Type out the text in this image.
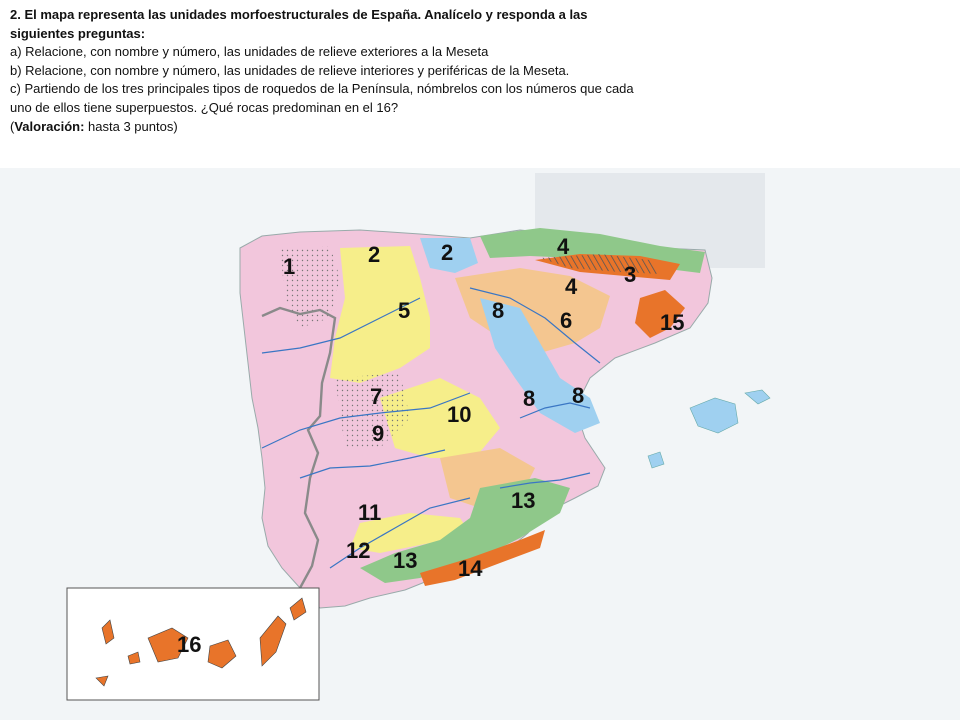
2. El mapa representa las unidades morfoestructurales de España. Analícelo y responda a las siguientes preguntas:

a) Relacione, con nombre y número, las unidades de relieve exteriores a la Meseta

b) Relacione, con nombre y número, las unidades de relieve interiores y periféricas de la Meseta.

c) Partiendo de los tres principales tipos de roquedos de la Península, nómbrelos con los números que cada uno de ellos tiene superpuestos. ¿Qué rocas predominan en el 16?

(Valoración: hasta 3 puntos)

1	2	2	4
3
4
5	8	6	15
7
10
8 8
9
11	13
12 13 14
16
